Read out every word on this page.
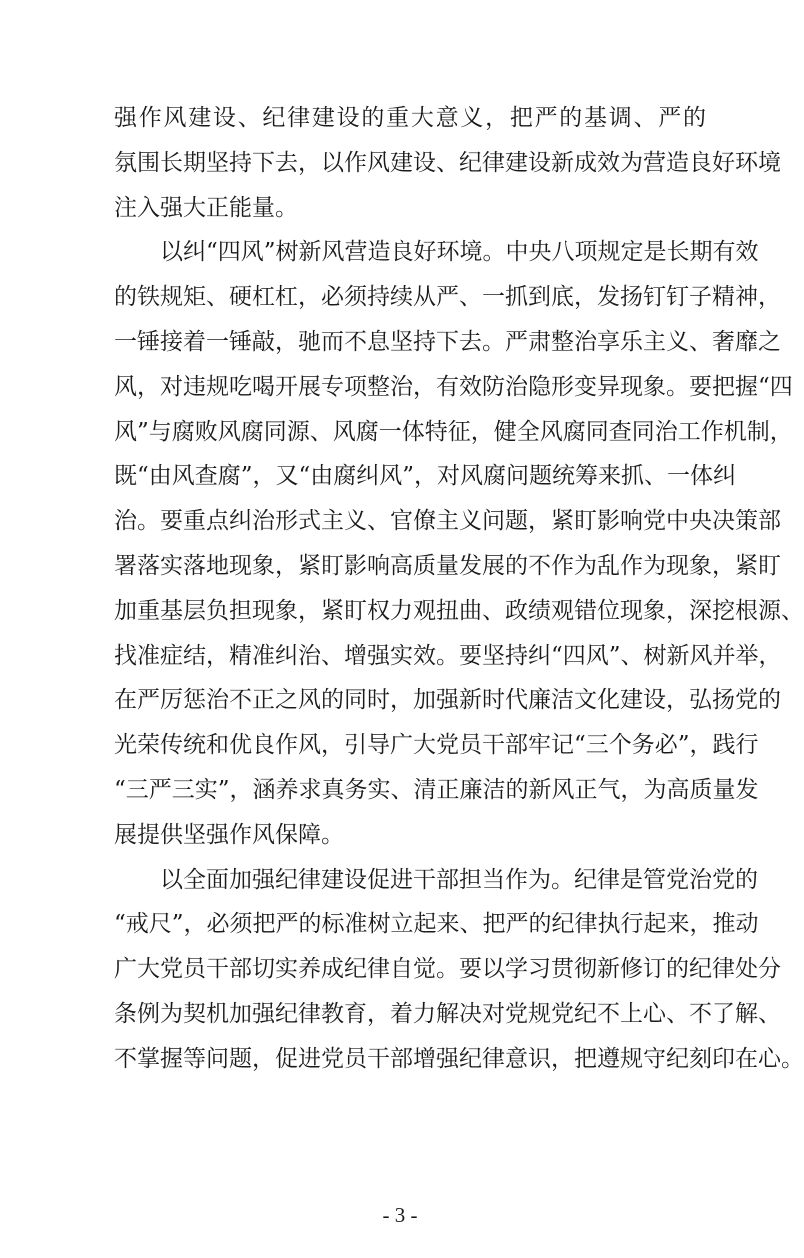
强作风建设、纪律建设的重大意义，把严的基调、严的
氛围长期坚持下去，以作风建设、纪律建设新成效为营造良好环境
注入强大正能量。

以纠“四风”树新风营造良好环境。中央八项规定是长期有效
的铁规矩、硬杠杠，必须持续从严、一抓到底，发扬钉钉子精神，
一锤接着一锤敲，驰而不息坚持下去。严肃整治享乐主义、奢靡之
风，对违规吃喝开展专项整治，有效防治隐形变异现象。要把握“四
风”与腐败风腐同源、风腐一体特征，健全风腐同查同治工作机制，
既“由风查腐”，又“由腐纠风”，对风腐问题统筹来抓、一体纠
治。要重点纠治形式主义、官僚主义问题，紧盯影响党中央决策部
署落实落地现象，紧盯影响高质量发展的不作为乱作为现象，紧盯
加重基层负担现象，紧盯权力观扭曲、政绩观错位现象，深挖根源、
找准症结，精准纠治、增强实效。要坚持纠“四风”、树新风并举，
在严厉惩治不正之风的同时，加强新时代廉洁文化建设，弘扬党的
光荣传统和优良作风，引导广大党员干部牢记“三个务必”，践行
“三严三实”，涵养求真务实、清正廉洁的新风正气，为高质量发
展提供坚强作风保障。

以全面加强纪律建设促进干部担当作为。纪律是管党治党的
“戒尺”，必须把严的标准树立起来、把严的纪律执行起来，推动
广大党员干部切实养成纪律自觉。要以学习贯彻新修订的纪律处分
条例为契机加强纪律教育，着力解决对党规党纪不上心、不了解、
不掌握等问题，促进党员干部增强纪律意识，把遵规守纪刻印在心。

- 3 -
